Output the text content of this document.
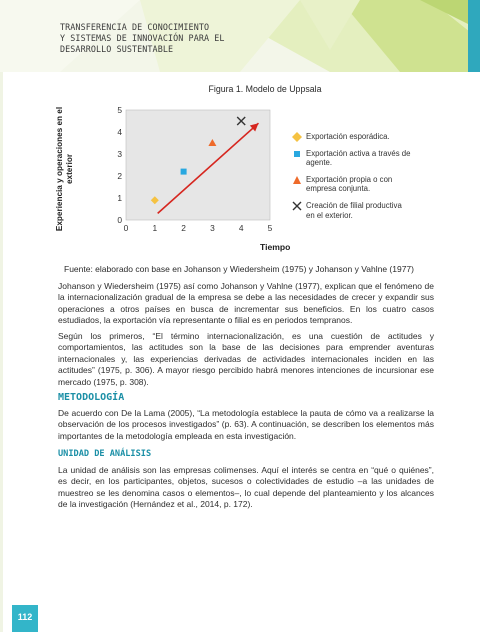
TRANSFERENCIA DE CONOCIMIENTO
Y SISTEMAS DE INNOVACIÓN PARA EL
DESARROLLO SUSTENTABLE
Figura 1. Modelo de Uppsala
Experiencia y operaciones en el exterior
0	1	2	3	4	5
0
1
2
3
4
5
Tiempo
Exportación esporádica.
Exportación activa a través de agente.
Exportación propia o con empresa conjunta.
Creación de filial productiva en el exterior.
Fuente: elaborado con base en Johanson y Wiedersheim (1975) y Johanson y Vahlne (1977)

Johanson y Wiedersheim (1975) así como Johanson y Vahlne (1977), explican que el fenómeno de la internacionalización gradual de la empresa se debe a las necesidades de crecer y expandir sus operaciones a otros países en busca de incrementar sus beneficios. En los cuatro casos estudiados, la exportación vía representante o filial es en periodos tempranos.

Según los primeros, “El término internacionalización, es una cuestión de actitudes y comportamientos, las actitudes son la base de las decisiones para emprender aventuras internacionales y, las experiencias derivadas de actividades internacionales inciden en las actitudes” (1975, p. 306). A mayor riesgo percibido habrá menores intenciones de incursionar ese mercado (1975, p. 308).

METODOLOGÍA

De acuerdo con De la Lama (2005), “La metodología establece la pauta de cómo va a realizarse la observación de los procesos investigados” (p. 63). A continuación, se describen los elementos más importantes de la metodología empleada en esta investigación.

UNIDAD DE ANÁLISIS

La unidad de análisis son las empresas colimenses. Aquí el interés se centra en “qué o quiénes”, es decir, en los participantes, objetos, sucesos o colectividades de estudio –a las unidades de muestreo se les denomina casos o elementos–, lo cual depende del planteamiento y los alcances de la investigación (Hernández et al., 2014, p. 172).

112
